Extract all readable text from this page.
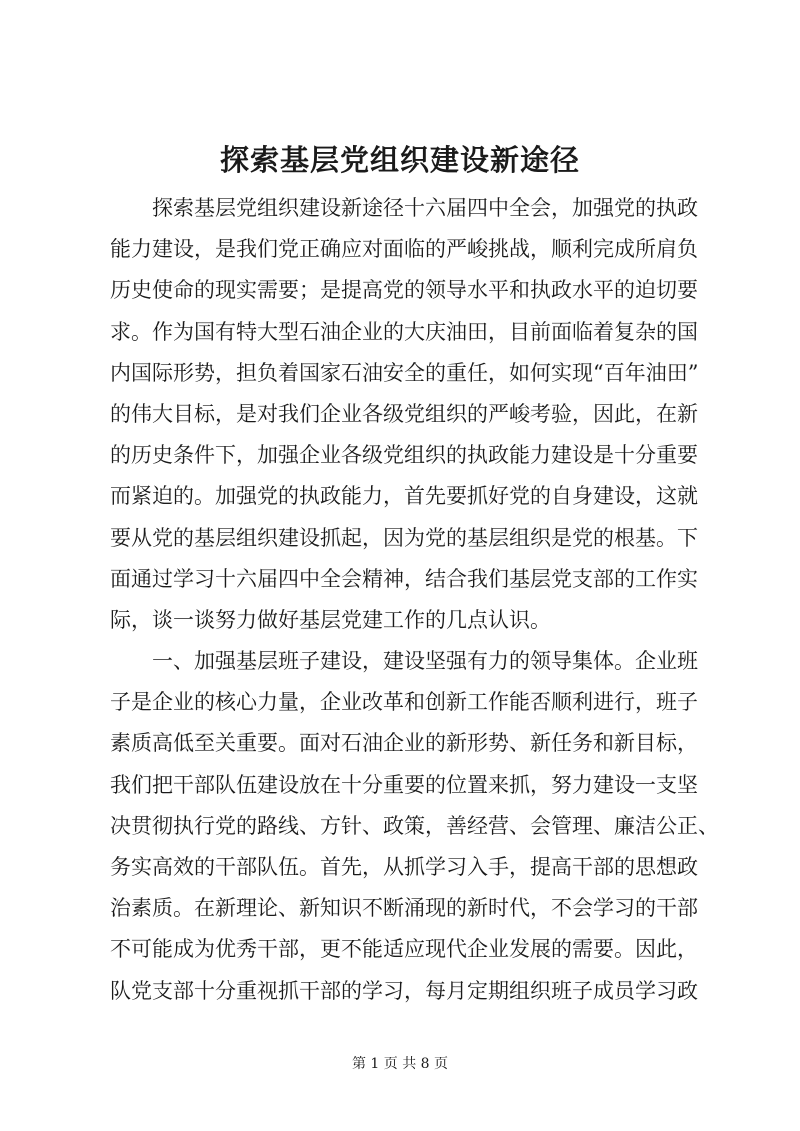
探索基层党组织建设新途径
探索基层党组织建设新途径十六届四中全会，加强党的执政
能力建设，是我们党正确应对面临的严峻挑战，顺利完成所肩负
历史使命的现实需要；是提高党的领导水平和执政水平的迫切要
求。作为国有特大型石油企业的大庆油田，目前面临着复杂的国
内国际形势，担负着国家石油安全的重任，如何实现“百年油田”
的伟大目标，是对我们企业各级党组织的严峻考验，因此，在新
的历史条件下，加强企业各级党组织的执政能力建设是十分重要
而紧迫的。加强党的执政能力，首先要抓好党的自身建设，这就
要从党的基层组织建设抓起，因为党的基层组织是党的根基。下
面通过学习十六届四中全会精神，结合我们基层党支部的工作实
际，谈一谈努力做好基层党建工作的几点认识。
一、加强基层班子建设，建设坚强有力的领导集体。企业班
子是企业的核心力量，企业改革和创新工作能否顺利进行，班子
素质高低至关重要。面对石油企业的新形势、新任务和新目标，
我们把干部队伍建设放在十分重要的位置来抓，努力建设一支坚
决贯彻执行党的路线、方针、政策，善经营、会管理、廉洁公正、
务实高效的干部队伍。首先，从抓学习入手，提高干部的思想政
治素质。在新理论、新知识不断涌现的新时代，不会学习的干部
不可能成为优秀干部，更不能适应现代企业发展的需要。因此，
队党支部十分重视抓干部的学习，每月定期组织班子成员学习政
第 1 页 共 8 页
